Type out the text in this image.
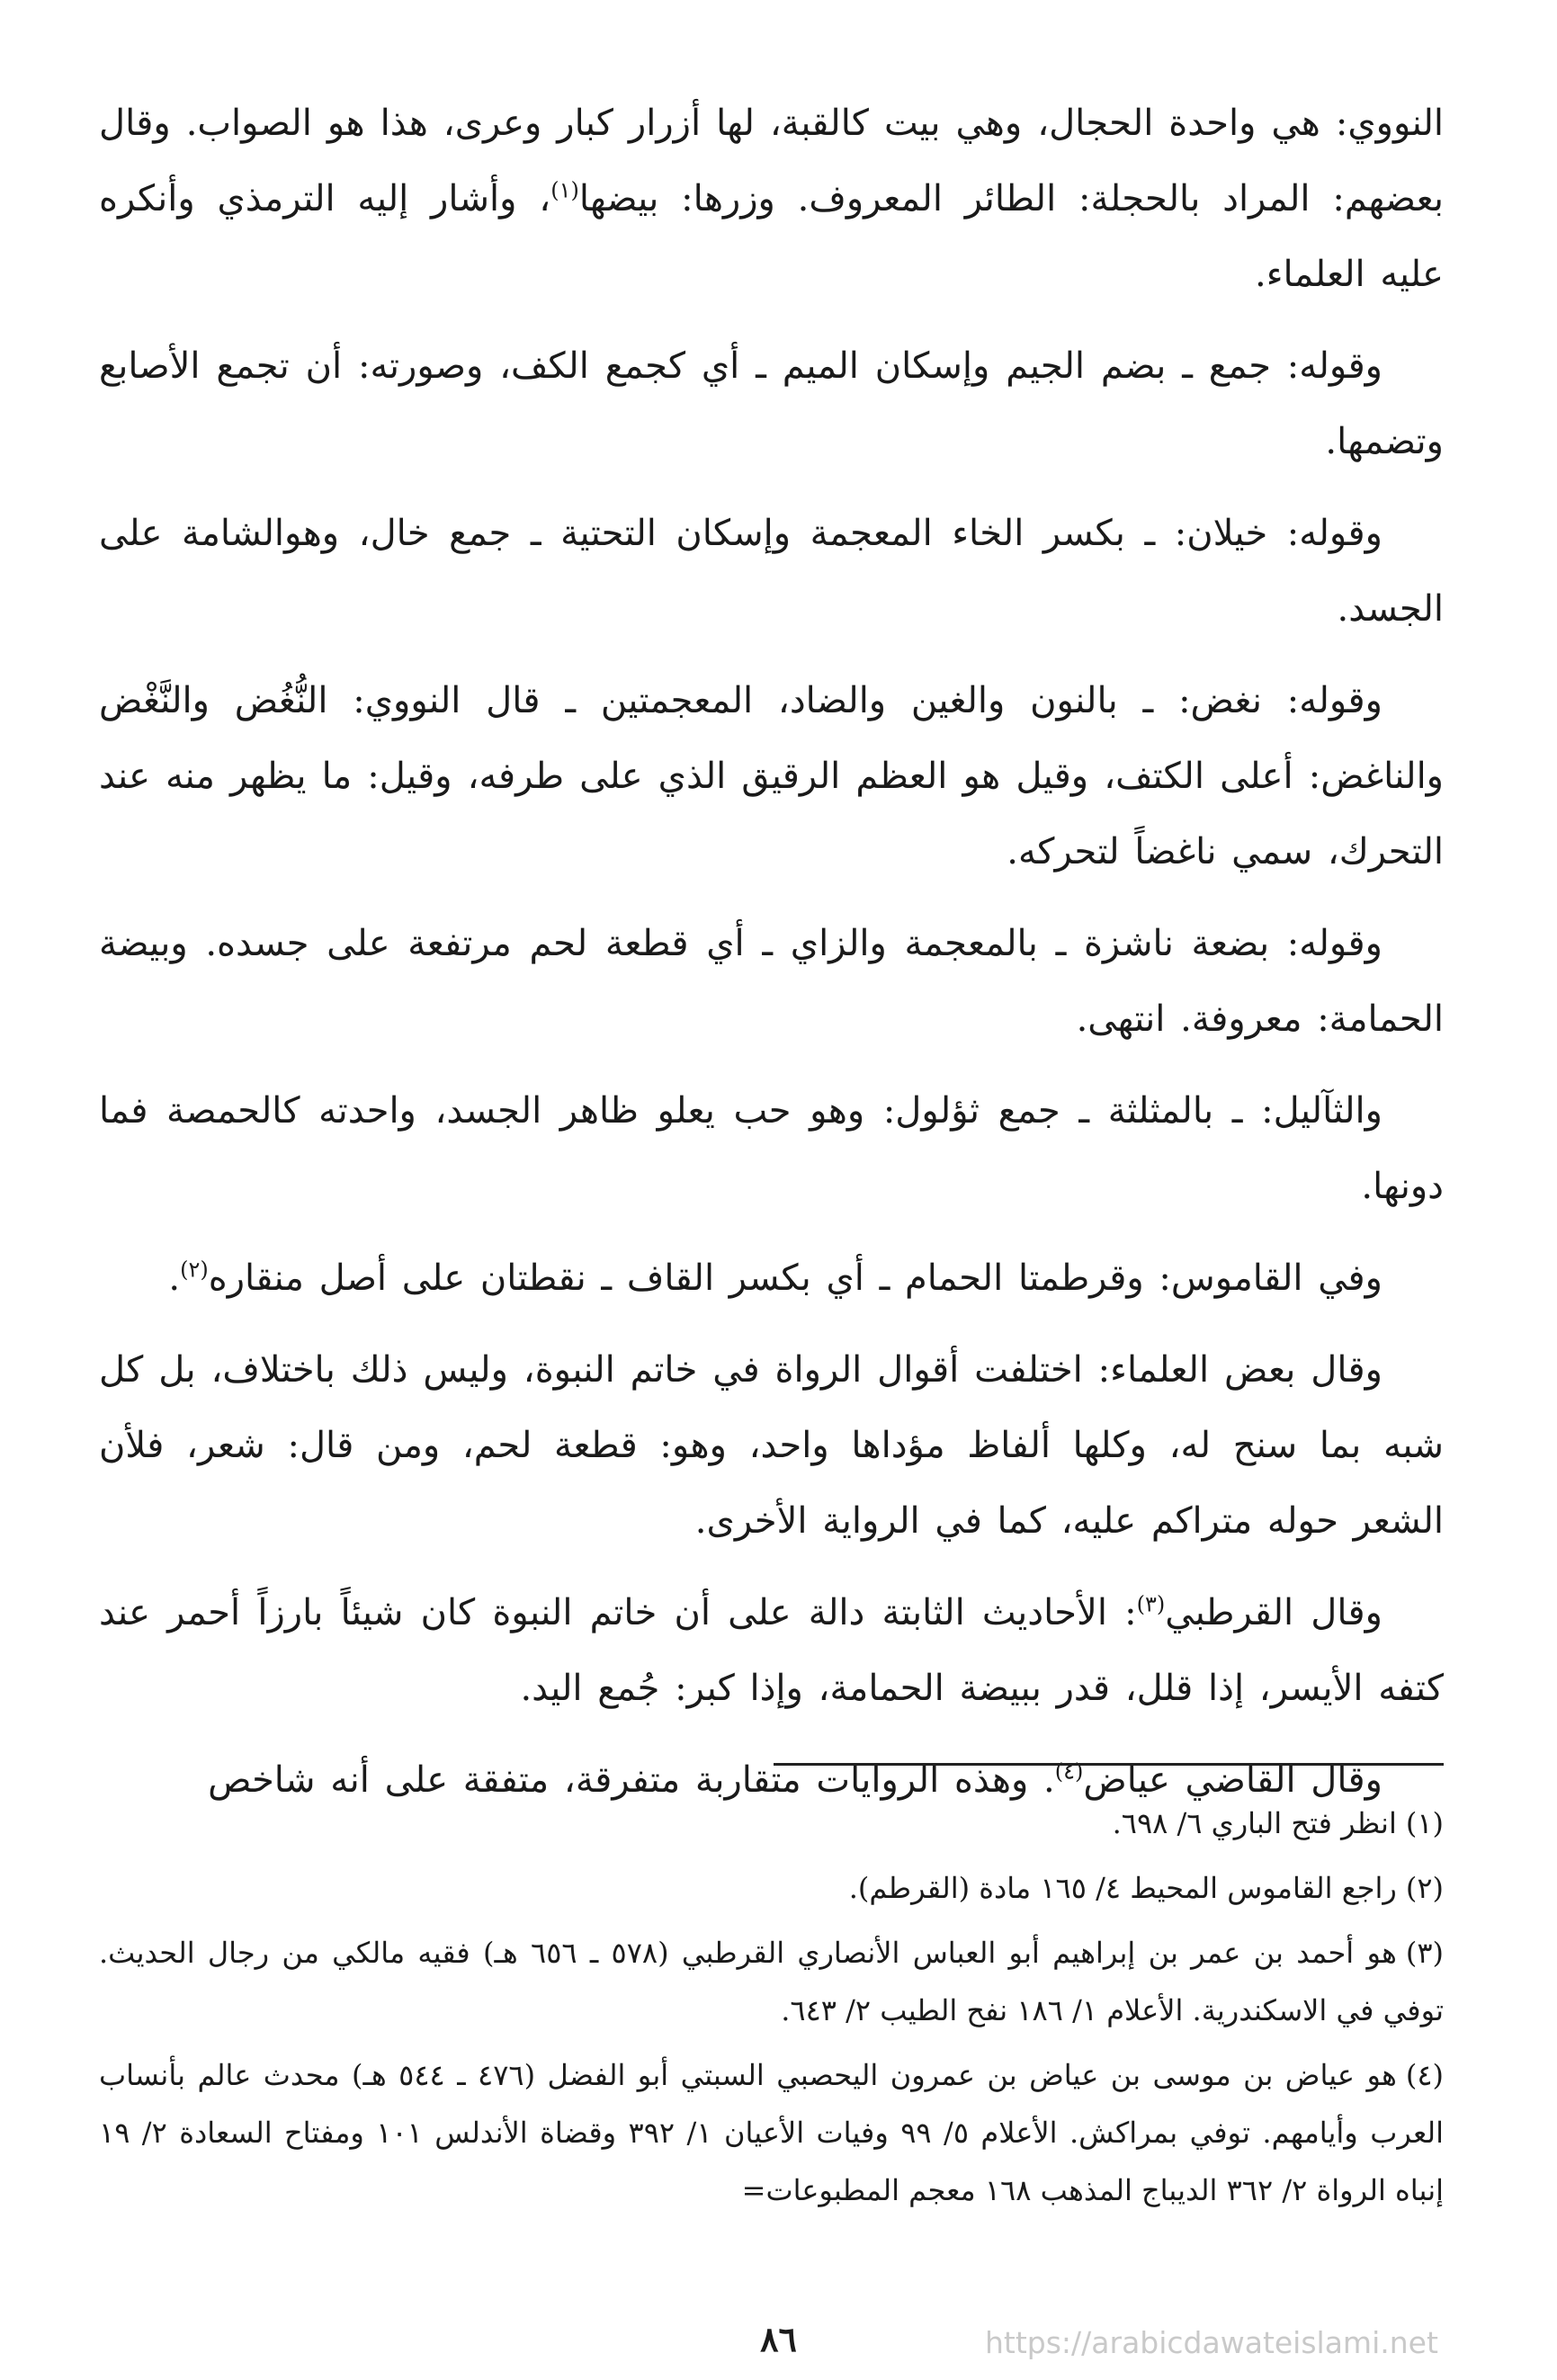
النووي: هي واحدة الحجال، وهي بيت كالقبة، لها أزرار كبار وعرى، هذا هو الصواب. وقال بعضهم: المراد بالحجلة: الطائر المعروف. وزرها: بيضها$^{(١)}$، وأشار إليه الترمذي وأنكره عليه العلماء.

وقوله: جمع ـ بضم الجيم وإسكان الميم ـ أي كجمع الكف، وصورته: أن تجمع الأصابع وتضمها.

وقوله: خيلان: ـ بكسر الخاء المعجمة وإسكان التحتية ـ جمع خال، وهوالشامة على الجسد.

وقوله: نغض: ـ بالنون والغين والضاد، المعجمتين ـ قال النووي: النُّغُض والنَّغْض والناغض: أعلى الكتف، وقيل هو العظم الرقيق الذي على طرفه، وقيل: ما يظهر منه عند التحرك، سمي ناغضاً لتحركه.

وقوله: بضعة ناشزة ـ بالمعجمة والزاي ـ أي قطعة لحم مرتفعة على جسده. وبيضة الحمامة: معروفة. انتهى.

والثآليل: ـ بالمثلثة ـ جمع ثؤلول: وهو حب يعلو ظاهر الجسد، واحدته كالحمصة فما دونها.

وفي القاموس: وقرطمتا الحمام ـ أي بكسر القاف ـ نقطتان على أصل منقاره$^{(٢)}$.

وقال بعض العلماء: اختلفت أقوال الرواة في خاتم النبوة، وليس ذلك باختلاف، بل كل شبه بما سنح له، وكلها ألفاظ مؤداها واحد، وهو: قطعة لحم، ومن قال: شعر، فلأن الشعر حوله متراكم عليه، كما في الرواية الأخرى.

وقال القرطبي$^{(٣)}$: الأحاديث الثابتة دالة على أن خاتم النبوة كان شيئاً بارزاً أحمر عند كتفه الأيسر، إذا قلل، قدر ببيضة الحمامة، وإذا كبر: جُمع اليد.

وقال القاضي عياض$^{(٤)}$. وهذه الروايات متقاربة متفرقة، متفقة على أنه شاخص

(١)انظر فتح الباري ٦/ ٦٩٨.

(٢)راجع القاموس المحيط ٤/ ١٦٥ مادة (القرطم).

(٣)هو أحمد بن عمر بن إبراهيم أبو العباس الأنصاري القرطبي (٥٧٨ ـ ٦٥٦ هـ) فقيه مالكي من رجال الحديث. توفي في الاسكندرية. الأعلام ١/ ١٨٦ نفح الطيب ٢/ ٦٤٣.

(٤)هو عياض بن موسى بن عياض بن عمرون اليحصبي السبتي أبو الفضل (٤٧٦ ـ ٥٤٤ هـ) محدث عالم بأنساب العرب وأيامهم. توفي بمراكش. الأعلام ٥/ ٩٩ وفيات الأعيان ١/ ٣٩٢ وقضاة الأندلس ١٠١ ومفتاح السعادة ٢/ ١٩ إنباه الرواة ٢/ ٣٦٢ الديباج المذهب ١٦٨ معجم المطبوعات=

٨٦	https://arabicdawateislami.net
